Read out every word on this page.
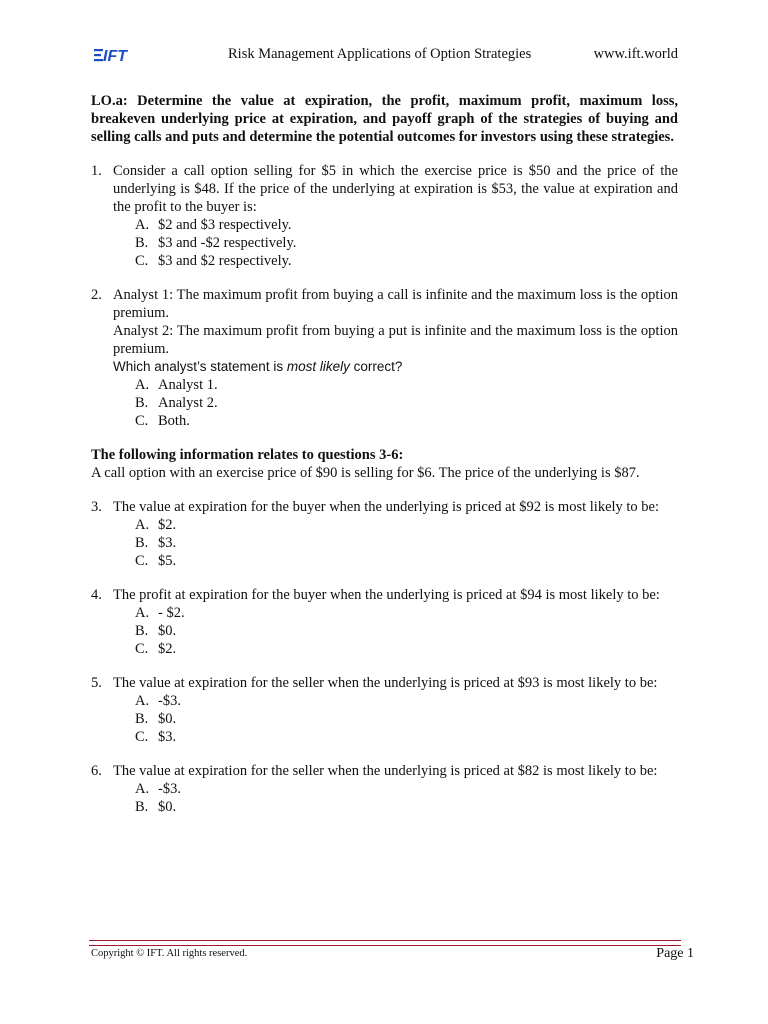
IFT	Risk Management Applications of Option Strategies	www.ift.world

LO.a: Determine the value at expiration, the profit, maximum profit, maximum loss, breakeven underlying price at expiration, and payoff graph of the strategies of buying and selling calls and puts and determine the potential outcomes for investors using these strategies.

1. Consider a call option selling for $5 in which the exercise price is $50 and the price of the underlying is $48. If the price of the underlying at expiration is $53, the value at expiration and the profit to the buyer is:
A. $2 and $3 respectively.
B. $3 and -$2 respectively.
C. $3 and $2 respectively.
2. Analyst 1: The maximum profit from buying a call is infinite and the maximum loss is the option premium.
Analyst 2: The maximum profit from buying a put is infinite and the maximum loss is the option premium.
Which analyst’s statement is most likely correct?
A. Analyst 1.
B. Analyst 2.
C. Both.
The following information relates to questions 3-6:
A call option with an exercise price of $90 is selling for $6. The price of the underlying is $87.
3. The value at expiration for the buyer when the underlying is priced at $92 is most likely to be:
A. $2.
B. $3.
C. $5.
4. The profit at expiration for the buyer when the underlying is priced at $94 is most likely to be:
A. - $2.
B. $0.
C. $2.
5. The value at expiration for the seller when the underlying is priced at $93 is most likely to be:
A. -$3.
B. $0.
C. $3.
6. The value at expiration for the seller when the underlying is priced at $82 is most likely to be:
A. -$3.
B. $0.
Copyright © IFT. All rights reserved.	Page 1
